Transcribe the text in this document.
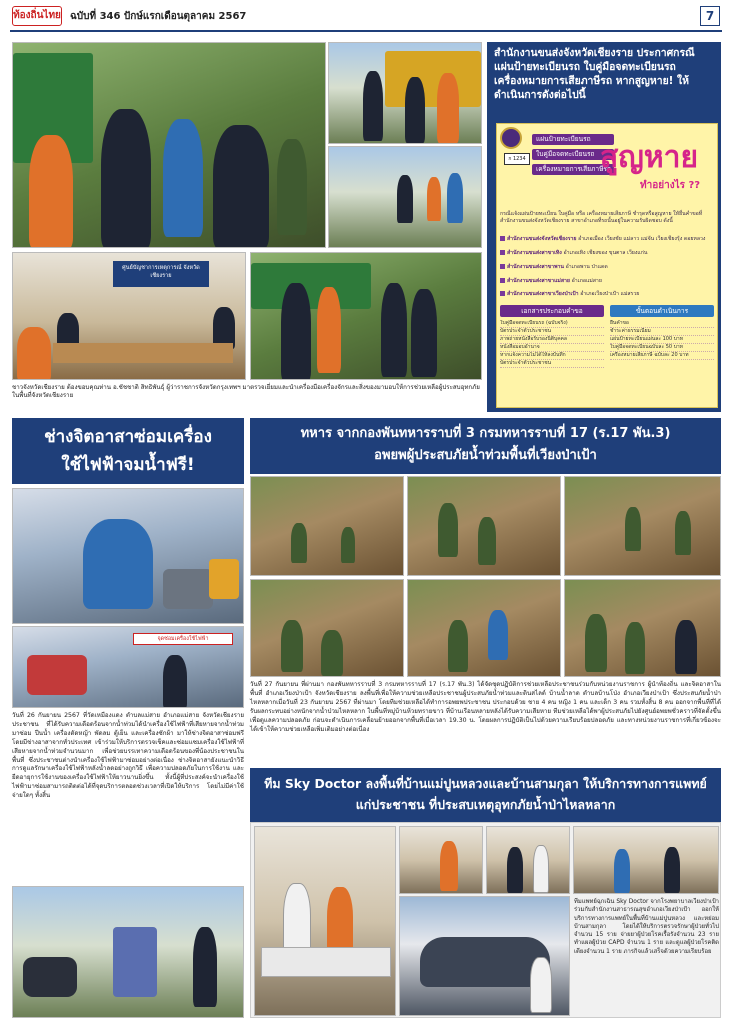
ท้องถิ่นไทย ฉบับที่ 346 ปักษ์แรกเดือนตุลาคม 2567	7
ศูนย์บัญชาการเหตุการณ์ จังหวัดเชียงราย
ชาวจังหวัดเชียงราย ต้องขอบคุณท่าน อ.ชัชชาติ สิทธิพันธุ์ ผู้ว่าราชการจังหวัดกรุงเทพฯ มาตรวจเยี่ยมและนำเครื่องมือเครื่องจักรและสิ่งของมามอบให้การช่วยเหลือผู้ประสบอุทกภัยในพื้นที่จังหวัดเชียงราย
สำนักงานขนส่งจังหวัดเชียงราย ประกาศกรณี แผ่นป้ายทะเบียนรถ ใบคู่มือจดทะเบียนรถ เครื่องหมายการเสียภาษีรถ หากสูญหาย! ให้ดำเนินการดังต่อไปนี้
ก 1234
แผ่นป้ายทะเบียนรถ
ใบคู่มือจดทะเบียนรถ
เครื่องหมายการเสียภาษีรถ
สูญหาย
ทำอย่างไร ??
กรณีแจ้งแผ่นป้ายทะเบียน ใบคู่มือ หรือ เครื่องหมายเสียภาษี ชำรุดหรือสูญหาย ให้ยื่นคำขอที่สำนักงานขนส่งจังหวัดเชียงราย สาขาอำเภอที่รถนั้นอยู่ในความรับผิดชอบ ดังนี้
สำนักงานขนส่งจังหวัดเชียงราย อำเภอเมือง เวียงชัย แม่ลาว แม่จัน เวียงเชียงรุ้ง ดอยหลวง
สำนักงานขนส่งสาขาเทิง อำเภอเทิง เชียงของ ขุนตาล เวียงแก่น
สำนักงานขนส่งสาขาพาน อำเภอพาน ป่าแดด
สำนักงานขนส่งสาขาแม่สาย อำเภอแม่สาย
สำนักงานขนส่งสาขาเวียงป่าเป้า อำเภอเวียงป่าเป้า แม่สรวย
เอกสารประกอบคำขอ	ขั้นตอนดำเนินการ
ใบคู่มือจดทะเบียนรถ (ฉบับจริง)
บัตรประจำตัวประชาชน
ภาพถ่ายหนังสือรับรองนิติบุคคล
หนังสือมอบอำนาจ
หากแจ้งความไม่ได้ให้ลงบันทึก
บัตรประจำตัวประชาชน
ยื่นคำขอ
ชำระค่าธรรมเนียม
แผ่นป้ายทะเบียนแผ่นละ 100 บาท
ใบคู่มือจดทะเบียนฉบับละ 50 บาท
เครื่องหมายเสียภาษี ฉบับละ 20 บาท
ช่างจิตอาสาซ่อมเครื่อง
ใช้ไฟฟ้าจมน้ำฟรี!
จุดซ่อมเครื่องใช้ไฟฟ้า
วันที่ 26 กันยายน 2567 ที่วัดเหมืองแดง ตำบลแม่สาย อำเภอแม่สาย จังหวัดเชียงราย ประชาชน ที่ได้รับความเดือดร้อนจากน้ำท่วมได้นำเครื่องใช้ไฟฟ้าที่เสียหายจากน้ำท่วมมาซ่อม ปืนน้ำ เครื่องตัดหญ้า พัดลม ตู้เย็น และเครื่องซักผ้า มาให้ช่างจิตอาสาซ่อมฟรี โดยมีช่างอาสาจากทั่วประเทศ เข้าร่วมให้บริการตรวจเช็คและซ่อมแซมเครื่องใช้ไฟฟ้าที่เสียหายจากน้ำท่วมจำนวนมาก เพื่อช่วยบรรเทาความเดือดร้อนของพี่น้องประชาชนในพื้นที่ ซึ่งประชาชนต่างนำเครื่องใช้ไฟฟ้ามาซ่อมอย่างต่อเนื่อง ช่างจิตอาสายังแนะนำวิธีการดูแลรักษาเครื่องใช้ไฟฟ้าหลังน้ำลดอย่างถูกวิธี เพื่อความปลอดภัยในการใช้งาน และยืดอายุการใช้งานของเครื่องใช้ไฟฟ้าให้ยาวนานยิ่งขึ้น ทั้งนี้ผู้ที่ประสงค์จะนำเครื่องใช้ไฟฟ้ามาซ่อมสามารถติดต่อได้ที่จุดบริการตลอดช่วงเวลาที่เปิดให้บริการ โดยไม่มีค่าใช้จ่ายใดๆ ทั้งสิ้น
ทหาร จากกองพันทหารราบที่ 3 กรมทหารราบที่ 17 (ร.17 พัน.3)
อพยพผู้ประสบภัยน้ำท่วมพื้นที่เวียงป่าเป้า
วันที่ 27 กันยายน ที่ผ่านมา กองพันทหารราบที่ 3 กรมทหารราบที่ 17 (ร.17 พัน.3) ได้จัดชุดปฏิบัติการช่วยเหลือประชาชนร่วมกับหน่วยงานราชการ ผู้นำท้องถิ่น และจิตอาสาในพื้นที่ อำเภอเวียงป่าเป้า จังหวัดเชียงราย ลงพื้นที่เพื่อให้ความช่วยเหลือประชาชนผู้ประสบภัยน้ำท่วมและดินสไลด์ บ้านน้ำลาด ตำบลบ้านโป่ง อำเภอเวียงป่าเป้า ซึ่งประสบภัยน้ำป่าไหลหลากเมื่อวันที่ 23 กันยายน 2567 ที่ผ่านมา โดยทีมช่วยเหลือได้ทำการอพยพประชาชน ประกอบด้วย ชาย 4 คน หญิง 1 คน และเด็ก 3 คน รวมทั้งสิ้น 8 คน ออกจากพื้นที่ที่ได้รับผลกระทบอย่างหนักจากน้ำป่วมไหลหลาก ในพื้นที่หมู่บ้านห้วยทรายขาว ที่บ้านเรือนหลายหลังได้รับความเสียหาย ทีมช่วยเหลือได้พาผู้ประสบภัยไปยังศูนย์อพยพชั่วคราวที่จัดตั้งขึ้นเพื่อดูแลความปลอดภัย ก่อนจะดำเนินการเคลื่อนย้ายออกจากพื้นที่เมื่อเวลา 19.30 น. โดยผลการปฏิบัติเป็นไปด้วยความเรียบร้อยปลอดภัย และทางหน่วยงานราชการที่เกี่ยวข้องจะได้เข้าให้ความช่วยเหลือเพิ่มเติมอย่างต่อเนื่อง
ทีม Sky Doctor ลงพื้นที่บ้านแม่ปูนหลวงและบ้านสามกุลา ให้บริการทางการแพทย์
แก่ประชาชน ที่ประสบเหตุอุทกภัยน้ำป่าไหลหลาก
ทีมแพทย์ฉุกเฉิน Sky Doctor จากโรงพยาบาลเวียงป่าเป้าร่วมกับสำนักงานสาธารณสุขอำเภอเวียงป่าเป้า ออกให้บริการทางการแพทย์ในพื้นที่บ้านแม่ปูนหลวง และหย่อมบ้านสามกุลา โดยได้ให้บริการตรวจรักษาผู้ป่วยทั่วไปจำนวน 15 ราย จ่ายยาผู้ป่วยโรคเรื้อรังจำนวน 23 ราย ทำแผลผู้ป่วย CAPD จำนวน 1 ราย และดูแลผู้ป่วยโรคติดเตียงจำนวน 1 ราย ภารกิจแล้วเสร็จด้วยความเรียบร้อย
